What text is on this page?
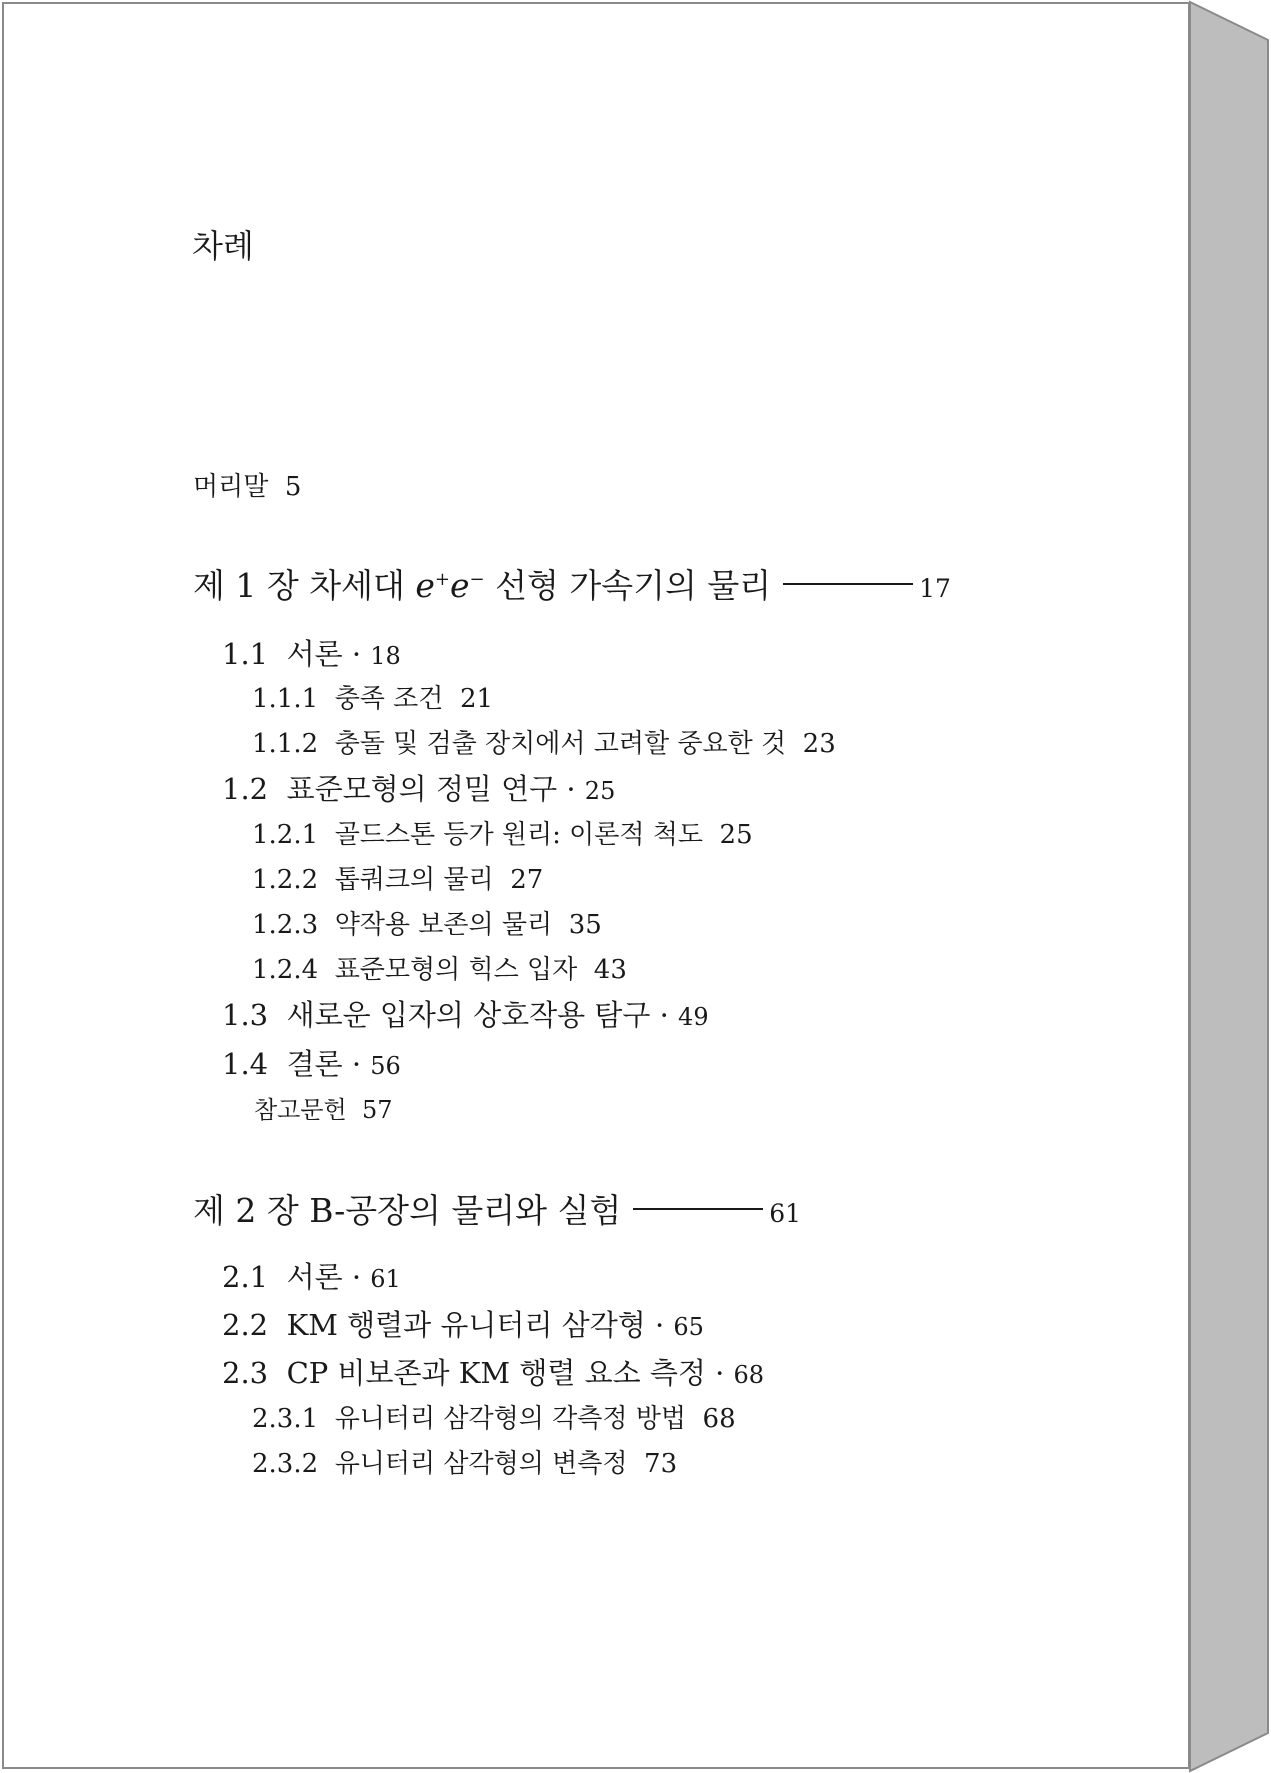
차례
머리말 5
제 1 장 차세대 e+e− 선형 가속기의 물리	17
1.1 서론 · 18
1.1.1 충족 조건 21
1.1.2 충돌 및 검출 장치에서 고려할 중요한 것 23
1.2 표준모형의 정밀 연구 · 25
1.2.1 골드스톤 등가 원리: 이론적 척도 25
1.2.2 톱쿼크의 물리 27
1.2.3 약작용 보존의 물리 35
1.2.4 표준모형의 힉스 입자 43
1.3 새로운 입자의 상호작용 탐구 · 49
1.4 결론 · 56
참고문헌 57
제 2 장 B-공장의 물리와 실험	61
2.1 서론 · 61
2.2 KM 행렬과 유니터리 삼각형 · 65
2.3 CP 비보존과 KM 행렬 요소 측정 · 68
2.3.1 유니터리 삼각형의 각측정 방법 68
2.3.2 유니터리 삼각형의 변측정 73
